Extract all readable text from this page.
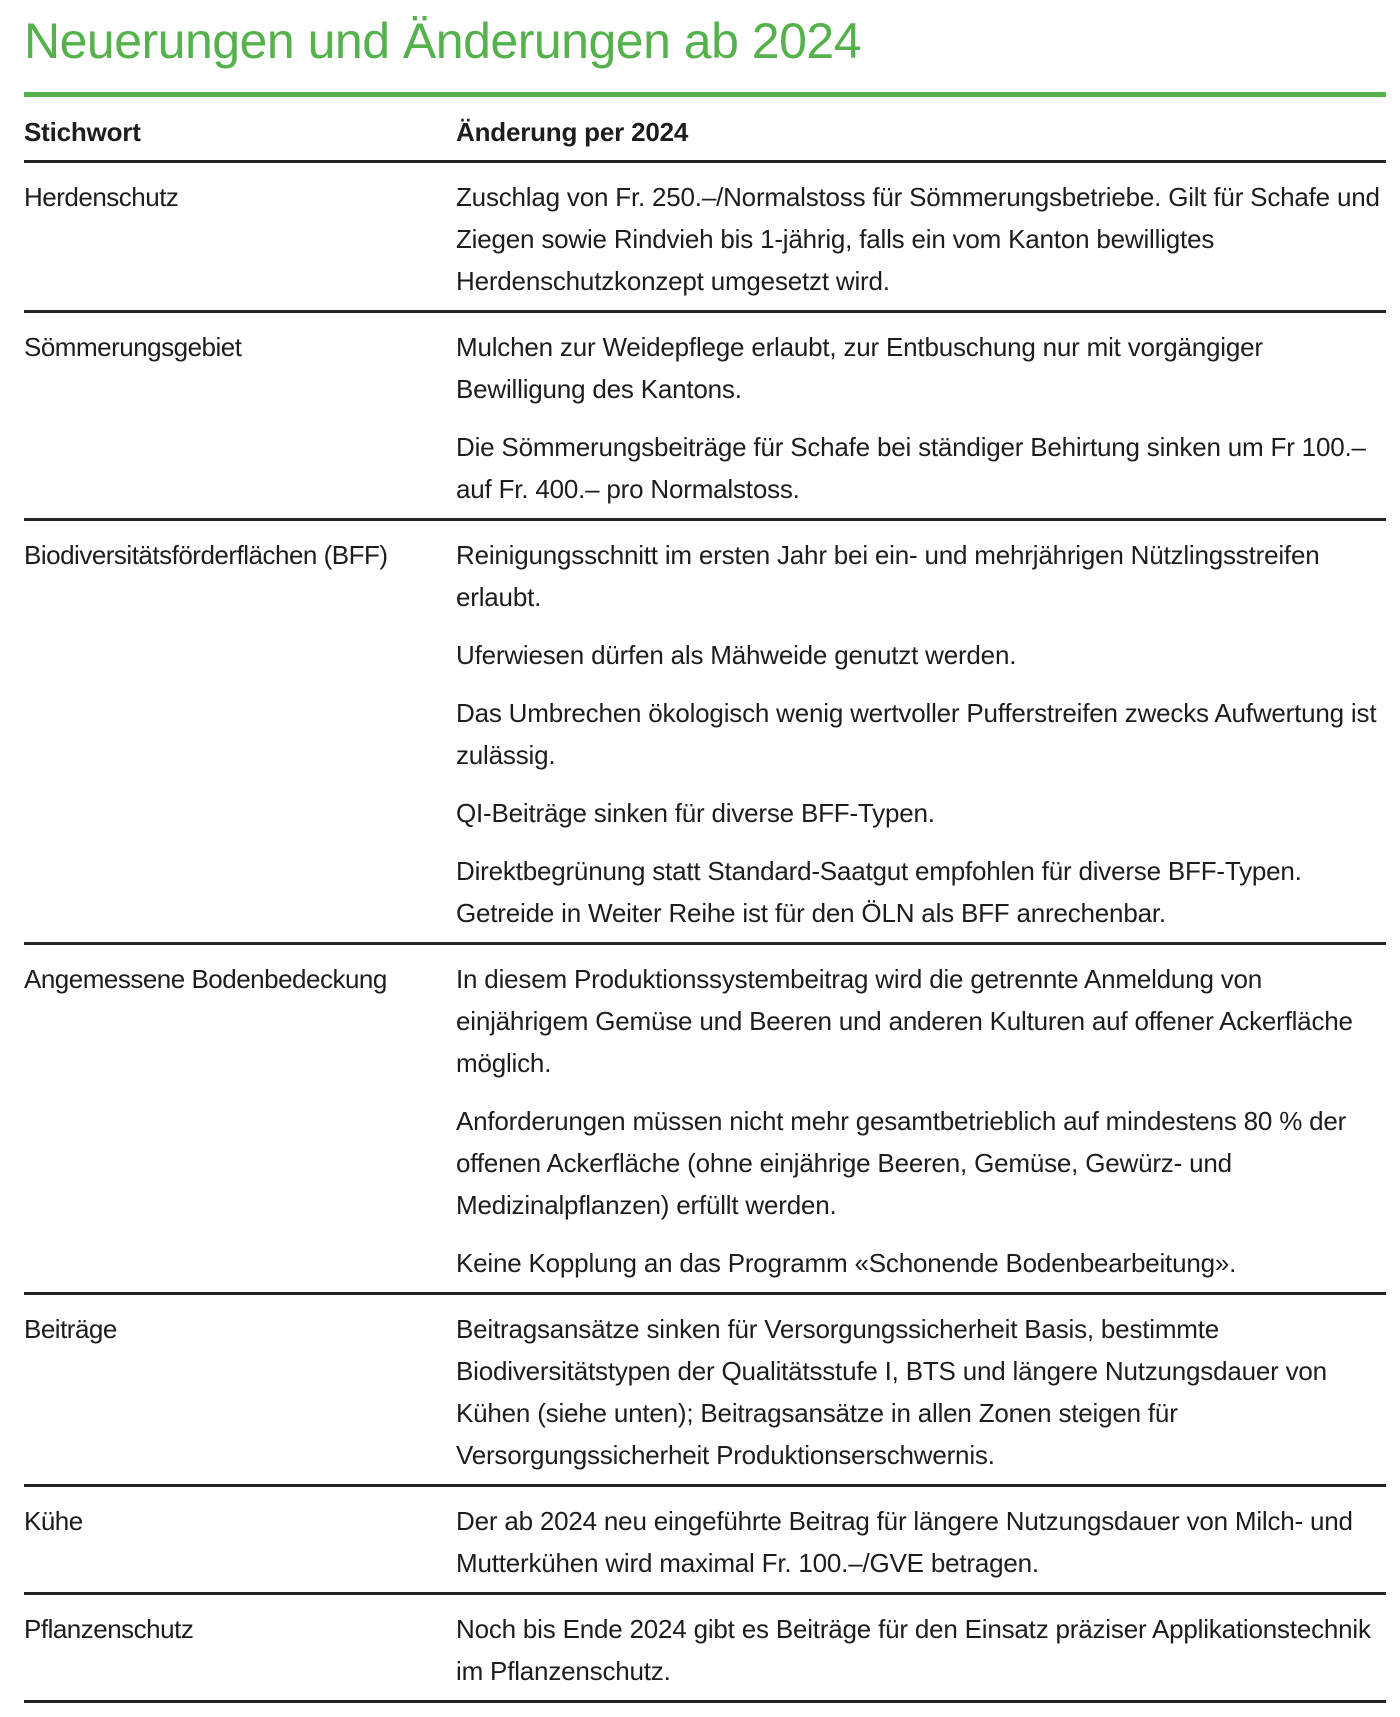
Neuerungen und Änderungen ab 2024
Stichwort	Änderung per 2024
Herdenschutz	Zuschlag von Fr. 250.–/Normalstoss für Sömmerungsbetriebe. Gilt für Schafe und Ziegen sowie Rindvieh bis 1-jährig, falls ein vom Kanton bewilligtes Herdenschutzkonzept umgesetzt wird.

Sömmerungsgebiet	Mulchen zur Weidepflege erlaubt, zur Entbuschung nur mit vorgängiger Bewilligung des Kantons.

Die Sömmerungsbeiträge für Schafe bei ständiger Behirtung sinken um Fr 100.–auf Fr. 400.– pro Normalstoss.

Biodiversitätsförderflächen (BFF)	Reinigungsschnitt im ersten Jahr bei ein- und mehrjährigen Nützlingsstreifen erlaubt.

Uferwiesen dürfen als Mähweide genutzt werden.

Das Umbrechen ökologisch wenig wertvoller Pufferstreifen zwecks Aufwertung ist zulässig.

QI-Beiträge sinken für diverse BFF-Typen.

Direktbegrünung statt Standard-Saatgut empfohlen für diverse BFF-Typen. Getreide in Weiter Reihe ist für den ÖLN als BFF anrechenbar.

Angemessene Bodenbedeckung	In diesem Produktionssystembeitrag wird die getrennte Anmeldung von einjährigem Gemüse und Beeren und anderen Kulturen auf offener Ackerfläche möglich.

Anforderungen müssen nicht mehr gesamtbetrieblich auf mindestens 80 % der offenen Ackerfläche (ohne einjährige Beeren, Gemüse, Gewürz- und Medizinalpflanzen) erfüllt werden.

Keine Kopplung an das Programm «Schonende Bodenbearbeitung».

Beiträge	Beitragsansätze sinken für Versorgungssicherheit Basis, bestimmte Biodiversitätstypen der Qualitätsstufe I, BTS und längere Nutzungsdauer von Kühen (siehe unten); Beitragsansätze in allen Zonen steigen für Versorgungssicherheit Produktionserschwernis.

Kühe	Der ab 2024 neu eingeführte Beitrag für längere Nutzungsdauer von Milch- und Mutterkühen wird maximal Fr. 100.–/GVE betragen.

Pflanzenschutz	Noch bis Ende 2024 gibt es Beiträge für den Einsatz präziser Applikationstechnik im Pflanzenschutz.
